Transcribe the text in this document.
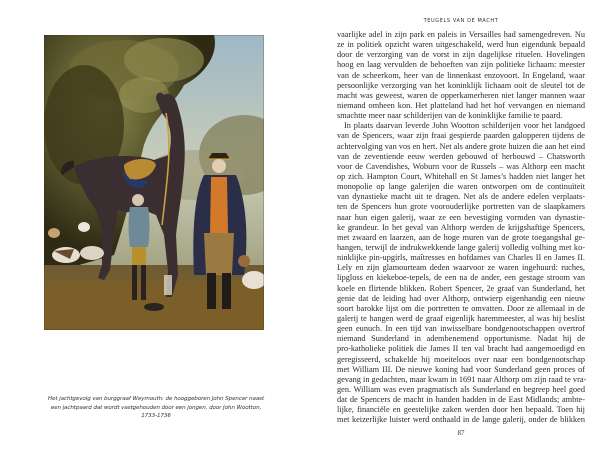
Het jachtgevolg van burggraaf Weymouth: de hooggeboren John Spencer naast
een jachtpaard dat wordt vastgehouden door een jongen, door John Wootton,
1733-1736
TEUGELS VAN DE MACHT
vaarlijke adel in zijn park en paleis in Versailles had samengedreven. Nu
ze in politiek opzicht waren uitgeschakeld, werd hun eigendunk bepaald
door de verzorging van de vorst in zijn dagelijkse rituelen. Hovelingen
hoog en laag vervulden de behoeften van zijn politieke lichaam: meester
van de scheerkom, heer van de linnenkast enzovoort. In Engeland, waar
persoonlijke verzorging van het koninklijk lichaam ooit de sleutel tot de
macht was geweest, waren de opperkamerheren niet langer mannen waar
niemand omheen kon. Het platteland had het hof vervangen en niemand
smachtte meer naar schilderijen van de koninklijke familie te paard.
In plaats daarvan leverde John Wootton schilderijen voor het landgoed
van de Spencers, waar zijn fraai gespierde paarden galopperen tijdens de
achtervolging van vos en hert. Net als andere grote huizen die aan het eind
van de zeventiende eeuw werden gebouwd of herbouwd – Chatsworth
voor de Cavendishes, Woburn voor de Russels – was Althorp een macht
op zich. Hampton Court, Whitehall en St James’s hadden niet langer het
monopolie op lange galerijen die waren ontworpen om de continuïteit
van dynastieke macht uit te dragen. Net als de andere edelen verplaats-
ten de Spencers hun grote voorouderlijke portretten van de slaapkamers
naar hun eigen galerij, waar ze een bevestiging vormden van dynastie-
ke grandeur. In het geval van Althorp werden de krijgshaftige Spencers,
met zwaard en laarzen, aan de hoge muren van de grote toegangshal ge-
hangen, terwijl de indrukwekkende lange galerij volledig volhing met ko-
ninklijke pin-upgirls, maîtresses en hofdames van Charles II en James II.
Lely en zijn glamourteam deden waarvoor ze waren ingehuurd: ruches,
lipgloss en kiekeboe-tepels, de een na de ander, een gestage stroom van
koele en flirtende blikken. Robert Spencer, 2e graaf van Sunderland, het
genie dat de leiding had over Althorp, ontwierp eigenhandig een nieuw
soort barokke lijst om die portretten te omvatten. Door ze allemaal in de
galerij te hangen werd de graaf eigenlijk haremmeester, al was hij beslist
geen eunuch. In een tijd van inwisselbare bondgenootschappen overtrof
niemand Sunderland in adembenemend opportunisme. Nadat hij de
pro-katholieke politiek die James II ten val bracht had aangemoedigd en
geregisseerd, schakelde hij moeiteloos over naar een bondgenootschap
met William III. De nieuwe koning had voor Sunderland geen proces of
gevang in gedachten, maar kwam in 1691 naar Althorp om zijn raad te vra-
gen. William was even pragmatisch als Sunderland en begreep heel goed
dat de Spencers de macht in handen hadden in de East Midlands; ambte-
lijke, financiële en geestelijke zaken werden door hen bepaald. Toen hij
met keizerlijke luister werd onthaald in de lange galerij, onder de blikken
87
